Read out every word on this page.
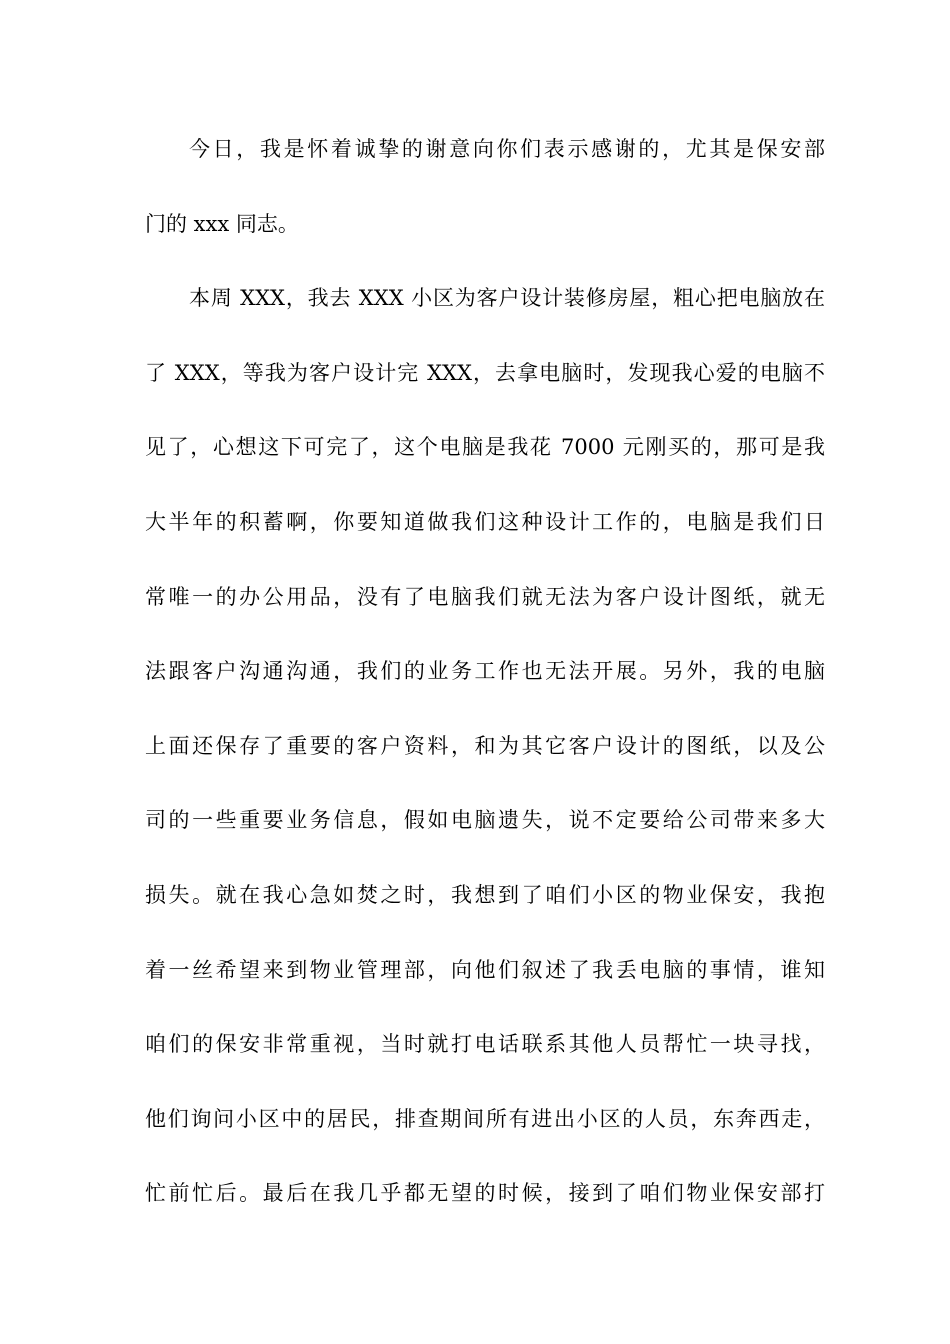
今日，我是怀着诚挚的谢意向你们表示感谢的，尤其是保安部
门的 xxx 同志。
本周 XXX，我去 XXX 小区为客户设计装修房屋，粗心把电脑放在
了 XXX，等我为客户设计完 XXX，去拿电脑时，发现我心爱的电脑不
见了，心想这下可完了，这个电脑是我花 7000 元刚买的，那可是我
大半年的积蓄啊，你要知道做我们这种设计工作的，电脑是我们日
常唯一的办公用品，没有了电脑我们就无法为客户设计图纸，就无
法跟客户沟通沟通，我们的业务工作也无法开展。另外，我的电脑
上面还保存了重要的客户资料，和为其它客户设计的图纸，以及公
司的一些重要业务信息，假如电脑遗失，说不定要给公司带来多大
损失。就在我心急如焚之时，我想到了咱们小区的物业保安，我抱
着一丝希望来到物业管理部，向他们叙述了我丢电脑的事情，谁知
咱们的保安非常重视，当时就打电话联系其他人员帮忙一块寻找，
他们询问小区中的居民，排查期间所有进出小区的人员，东奔西走，
忙前忙后。最后在我几乎都无望的时候，接到了咱们物业保安部打
